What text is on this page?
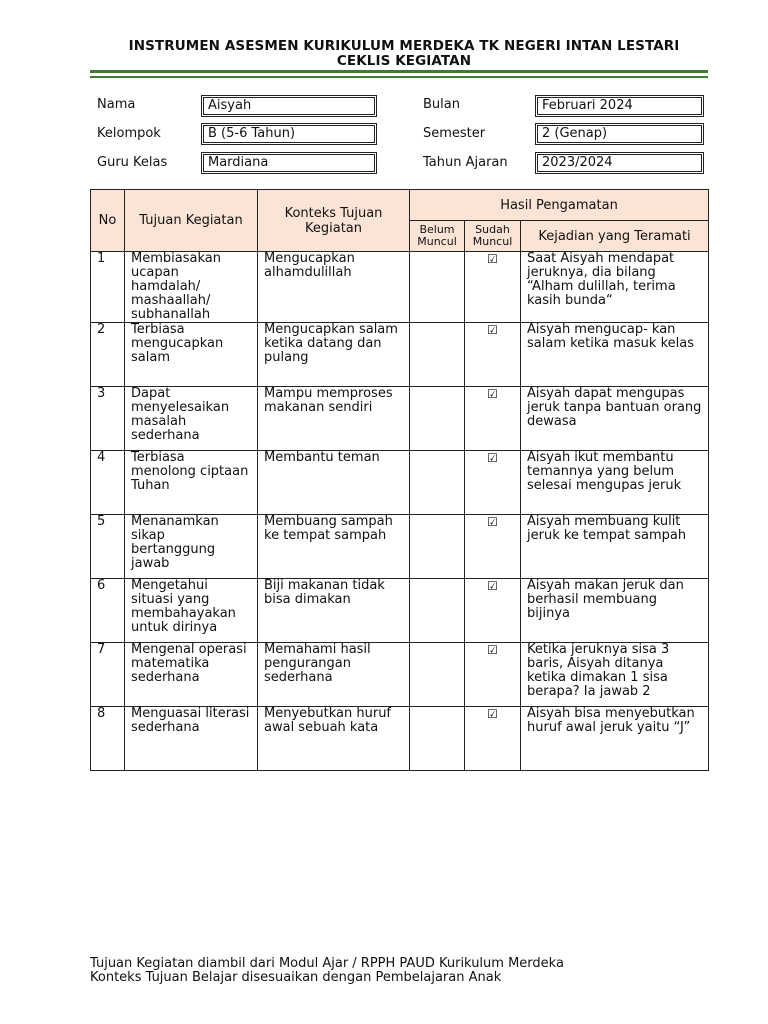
INSTRUMEN ASESMEN KURIKULUM MERDEKA TK NEGERI INTAN LESTARI
CEKLIS KEGIATAN
Nama	Aisyah
Kelompok	B (5-6 Tahun)
Guru Kelas	Mardiana
Bulan	Februari 2024
Semester	2 (Genap)
Tahun Ajaran	2023/2024
No	Tujuan Kegiatan	Konteks Tujuan Kegiatan	Hasil Pengamatan		
			Belum Muncul	Sudah Muncul	Kejadian yang Teramati
1	Membiasakan ucapan hamdalah/ mashaallah/ subhanallah	Mengucapkan alhamdulillah		☑	Saat Aisyah mendapat jeruknya, dia bilang “Alham dulillah, terima kasih bunda“
2	Terbiasa mengucapkan salam	Mengucapkan salam ketika datang dan pulang		☑	Aisyah mengucap- kan salam ketika masuk kelas
3	Dapat menyelesaikan masalah sederhana	Mampu memproses makanan sendiri		☑	Aisyah dapat mengupas jeruk tanpa bantuan orang dewasa
4	Terbiasa menolong ciptaan Tuhan	Membantu teman		☑	Aisyah ikut membantu temannya yang belum selesai mengupas jeruk
5	Menanamkan sikap bertanggung jawab	Membuang sampah ke tempat sampah		☑	Aisyah membuang kulit jeruk ke tempat sampah
6	Mengetahui situasi yang membahayakan untuk dirinya	Biji makanan tidak bisa dimakan		☑	Aisyah makan jeruk dan berhasil membuang bijinya
7	Mengenal operasi matematika sederhana	Memahami hasil pengurangan sederhana		☑	Ketika jeruknya sisa 3 baris, Aisyah ditanya ketika dimakan 1 sisa berapa? Ia jawab 2
8	Menguasai literasi sederhana	Menyebutkan huruf awal sebuah kata		☑	Aisyah bisa menyebutkan huruf awal jeruk yaitu “J”
Tujuan Kegiatan diambil dari Modul Ajar / RPPH PAUD Kurikulum Merdeka
Konteks Tujuan Belajar disesuaikan dengan Pembelajaran Anak
